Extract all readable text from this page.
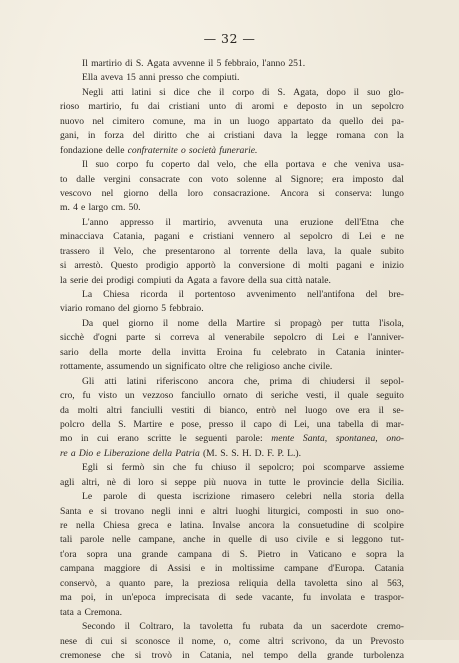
— 32 —
Il martirio di S. Agata avvenne il 5 febbraio, l'anno 251.
Ella aveva 15 anni presso che compiuti.
Negli atti latini si dice che il corpo di S. Agata, dopo il suo glo-
rioso martirio, fu dai cristiani unto di aromi e deposto in un sepolcro
nuovo nel cimitero comune, ma in un luogo appartato da quello dei pa-
gani, in forza del diritto che ai cristiani dava la legge romana con la
fondazione delle confraternite o società funerarie.
Il suo corpo fu coperto dal velo, che ella portava e che veniva usa-
to dalle vergini consacrate con voto solenne al Signore; era imposto dal
vescovo nel giorno della loro consacrazione. Ancora si conserva: lungo
m. 4 e largo cm. 50.
L'anno appresso il martirio, avvenuta una eruzione dell'Etna che
minacciava Catania, pagani e cristiani vennero al sepolcro di Lei e ne
trassero il Velo, che presentarono al torrente della lava, la quale subito
si arrestò. Questo prodigio apportò la conversione di molti pagani e inizio
la serie dei prodigi compiuti da Agata a favore della sua città natale.
La Chiesa ricorda il portentoso avvenimento nell'antifona del bre-
viario romano del giorno 5 febbraio.
Da quel giorno il nome della Martire si propagò per tutta l'isola,
sicchè d'ogni parte si correva al venerabile sepolcro di Lei e l'anniver-
sario della morte della invitta Eroina fu celebrato in Catania ininter-
rottamente, assumendo un significato oltre che religioso anche civile.
Gli atti latini riferiscono ancora che, prima di chiudersi il sepol-
cro, fu visto un vezzoso fanciullo ornato di seriche vesti, il quale seguito
da molti altri fanciulli vestiti di bianco, entrò nel luogo ove era il se-
polcro della S. Martire e pose, presso il capo di Lei, una tabella di mar-
mo in cui erano scritte le seguenti parole: mente Santa, spontanea, ono-
re a Dio e Liberazione della Patria (M. S. S. H. D. F. P. L.).
Egli si fermò sin che fu chiuso il sepolcro; poi scomparve assieme
agli altri, nè di loro si seppe più nuova in tutte le provincie della Sicilia.
Le parole di questa iscrizione rimasero celebri nella storia della
Santa e si trovano negli inni e altri luoghi liturgici, composti in suo ono-
re nella Chiesa greca e latina. Invalse ancora la consuetudine di scolpire
tali parole nelle campane, anche in quelle di uso civile e si leggono tut-
t'ora sopra una grande campana di S. Pietro in Vaticano e sopra la
campana maggiore di Assisi e in moltissime campane d'Europa. Catania
conservò, a quanto pare, la preziosa reliquia della tavoletta sino al 563,
ma poi, in un'epoca imprecisata di sede vacante, fu involata e traspor-
tata a Cremona.
Secondo il Coltraro, la tavoletta fu rubata da un sacerdote cremo-
nese di cui si sconosce il nome, o, come altri scrivono, da un Prevosto
cremonese che si trovò in Catania, nel tempo della grande turbolenza
